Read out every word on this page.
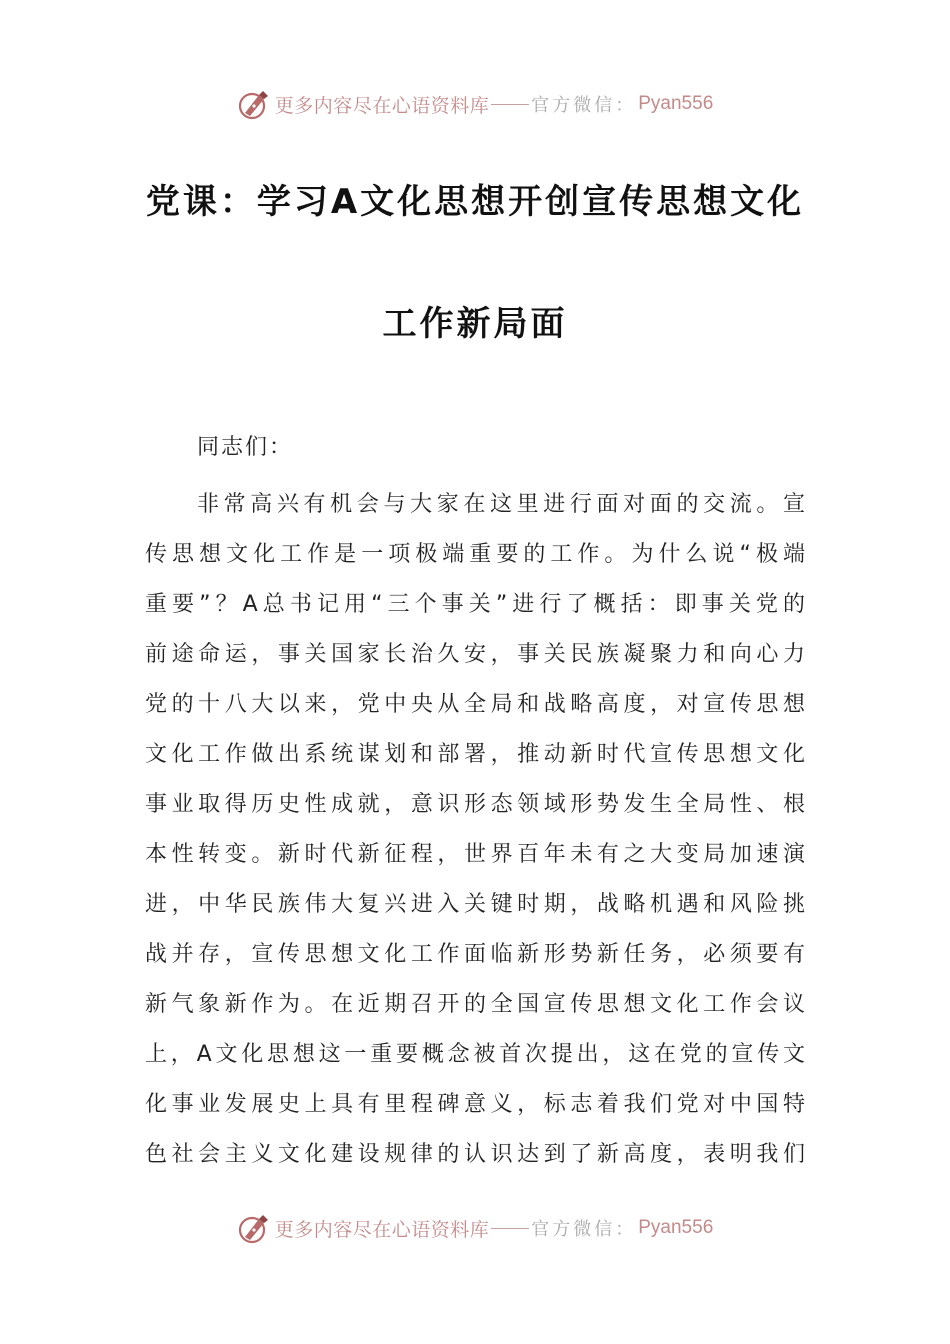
更多内容尽在心语资料库 官方微信： Pyan556
党课：学习A文化思想开创宣传思想文化
工作新局面
同志们：
非常高兴有机会与大家在这里进行面对面的交流。宣
传思想文化工作是一项极端重要的工作。为什么说“极端
重要”？A总书记用“三个事关”进行了概括：即事关党的
前途命运，事关国家长治久安，事关民族凝聚力和向心力
党的十八大以来，党中央从全局和战略高度，对宣传思想
文化工作做出系统谋划和部署，推动新时代宣传思想文化
事业取得历史性成就，意识形态领域形势发生全局性、根
本性转变。新时代新征程，世界百年未有之大变局加速演
进，中华民族伟大复兴进入关键时期，战略机遇和风险挑
战并存，宣传思想文化工作面临新形势新任务，必须要有
新气象新作为。在近期召开的全国宣传思想文化工作会议
上，A文化思想这一重要概念被首次提出，这在党的宣传文
化事业发展史上具有里程碑意义，标志着我们党对中国特
色社会主义文化建设规律的认识达到了新高度，表明我们
更多内容尽在心语资料库 官方微信： Pyan556
